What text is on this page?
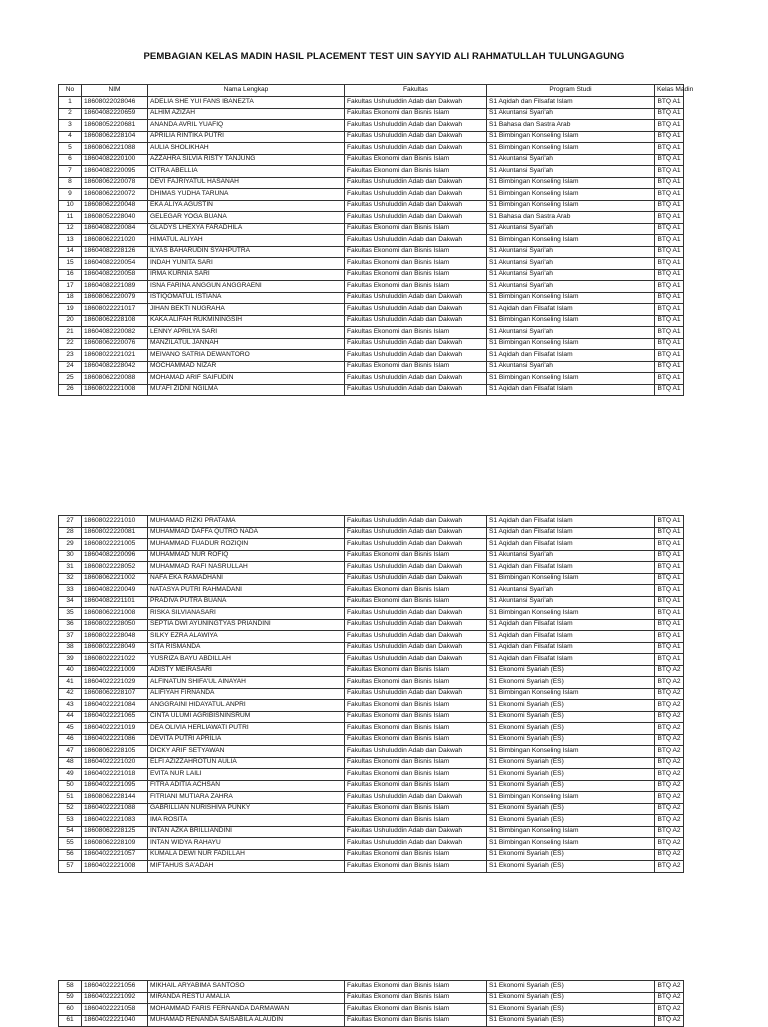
PEMBAGIAN KELAS MADIN HASIL PLACEMENT TEST UIN SAYYID ALI RAHMATULLAH TULUNGAGUNG
No	NIM	Nama Lengkap	Fakultas	Program Studi	Kelas Madin
1	18608022028046	ADELIA SHE YUI FANS IBANEZTA	Fakultas Ushuluddin Adab dan Dakwah	S1 Aqidah dan Filsafat Islam	BTQ A1
2	18604082220659	ALHIM AZIZAH	Fakultas Ekonomi dan Bisnis Islam	S1 Akuntansi Syari'ah	BTQ A1
3	18608052220681	ANANDA AVRIL YUAFIQ	Fakultas Ushuluddin Adab dan Dakwah	S1 Bahasa dan Sastra Arab	BTQ A1
4	18608062228104	APRILIA RINTIKA PUTRI	Fakultas Ushuluddin Adab dan Dakwah	S1 Bimbingan Konseling Islam	BTQ A1
5	18608062221088	AULIA SHOLIKHAH	Fakultas Ushuluddin Adab dan Dakwah	S1 Bimbingan Konseling Islam	BTQ A1
6	18604082220100	AZZAHRA SILVIA RISTY TANJUNG	Fakultas Ekonomi dan Bisnis Islam	S1 Akuntansi Syari'ah	BTQ A1
7	18604082220095	CITRA ABELLIA	Fakultas Ekonomi dan Bisnis Islam	S1 Akuntansi Syari'ah	BTQ A1
8	18608062220078	DEVI FAJRIYATUL HASANAH	Fakultas Ushuluddin Adab dan Dakwah	S1 Bimbingan Konseling Islam	BTQ A1
9	18608062220072	DHIMAS YUDHA TARUNA	Fakultas Ushuluddin Adab dan Dakwah	S1 Bimbingan Konseling Islam	BTQ A1
10	18608062220048	EKA ALIYA AGUSTIN	Fakultas Ushuluddin Adab dan Dakwah	S1 Bimbingan Konseling Islam	BTQ A1
11	18608052228040	GELEGAR YOGA BUANA	Fakultas Ushuluddin Adab dan Dakwah	S1 Bahasa dan Sastra Arab	BTQ A1
12	18604082220084	GLADYS LHEXYA FARADHILA	Fakultas Ekonomi dan Bisnis Islam	S1 Akuntansi Syari'ah	BTQ A1
13	18608062221020	HIMATUL ALIYAH	Fakultas Ushuluddin Adab dan Dakwah	S1 Bimbingan Konseling Islam	BTQ A1
14	18604082228126	ILYAS BAHARUDIN SYAHPUTRA	Fakultas Ekonomi dan Bisnis Islam	S1 Akuntansi Syari'ah	BTQ A1
15	18604082220054	INDAH YUNITA SARI	Fakultas Ekonomi dan Bisnis Islam	S1 Akuntansi Syari'ah	BTQ A1
16	18604082220058	IRMA KURNIA SARI	Fakultas Ekonomi dan Bisnis Islam	S1 Akuntansi Syari'ah	BTQ A1
17	18604082221089	ISNA FARINA ANGGUN ANGGRAENI	Fakultas Ekonomi dan Bisnis Islam	S1 Akuntansi Syari'ah	BTQ A1
18	18608062220079	ISTIQOMATUL ISTIANA	Fakultas Ushuluddin Adab dan Dakwah	S1 Bimbingan Konseling Islam	BTQ A1
19	18608022221017	JIHAN BEKTI NUGRAHA	Fakultas Ushuluddin Adab dan Dakwah	S1 Aqidah dan Filsafat Islam	BTQ A1
20	18608062228108	KAKA ALIFAH RUKMININGSIH	Fakultas Ushuluddin Adab dan Dakwah	S1 Bimbingan Konseling Islam	BTQ A1
21	18604082220082	LENNY APRILYA SARI	Fakultas Ekonomi dan Bisnis Islam	S1 Akuntansi Syari'ah	BTQ A1
22	18608062220076	MANZILATUL JANNAH	Fakultas Ushuluddin Adab dan Dakwah	S1 Bimbingan Konseling Islam	BTQ A1
23	18608022221021	MEIVANO SATRIA DEWANTORO	Fakultas Ushuluddin Adab dan Dakwah	S1 Aqidah dan Filsafat Islam	BTQ A1
24	18604082228042	MOCHAMMAD NIZAR	Fakultas Ekonomi dan Bisnis Islam	S1 Akuntansi Syari'ah	BTQ A1
25	18608062220088	MOHAMAD ARIF SAIFUDIN	Fakultas Ushuluddin Adab dan Dakwah	S1 Bimbingan Konseling Islam	BTQ A1
26	18608022221008	MU'AFI ZIDNI NGILMA	Fakultas Ushuluddin Adab dan Dakwah	S1 Aqidah dan Filsafat Islam	BTQ A1
27	18608022221010	MUHAMAD RIZKI PRATAMA	Fakultas Ushuluddin Adab dan Dakwah	S1 Aqidah dan Filsafat Islam	BTQ A1
28	18608022220081	MUHAMMAD DAFFA QUTRO NADA	Fakultas Ushuluddin Adab dan Dakwah	S1 Aqidah dan Filsafat Islam	BTQ A1
29	18608022221005	MUHAMMAD FUADUR ROZIQIN	Fakultas Ushuluddin Adab dan Dakwah	S1 Aqidah dan Filsafat Islam	BTQ A1
30	18604082220096	MUHAMMAD NUR ROFIQ	Fakultas Ekonomi dan Bisnis Islam	S1 Akuntansi Syari'ah	BTQ A1
31	18608022228052	MUHAMMAD RAFI NASRULLAH	Fakultas Ushuluddin Adab dan Dakwah	S1 Aqidah dan Filsafat Islam	BTQ A1
32	18608062221002	NAFA EKA RAMADHANI	Fakultas Ushuluddin Adab dan Dakwah	S1 Bimbingan Konseling Islam	BTQ A1
33	18604082220049	NATASYA PUTRI RAHMADANI	Fakultas Ekonomi dan Bisnis Islam	S1 Akuntansi Syari'ah	BTQ A1
34	18604082221101	PRADIVA PUTRA BUANA	Fakultas Ekonomi dan Bisnis Islam	S1 Akuntansi Syari'ah	BTQ A1
35	18608062221008	RISKA SILVIANASARI	Fakultas Ushuluddin Adab dan Dakwah	S1 Bimbingan Konseling Islam	BTQ A1
36	18608022228050	SEPTIA DWI AYUNINGTYAS PRIANDINI	Fakultas Ushuluddin Adab dan Dakwah	S1 Aqidah dan Filsafat Islam	BTQ A1
37	18608022228048	SILKY EZRA ALAWIYA	Fakultas Ushuluddin Adab dan Dakwah	S1 Aqidah dan Filsafat Islam	BTQ A1
38	18608022228049	SITA RISMANDA	Fakultas Ushuluddin Adab dan Dakwah	S1 Aqidah dan Filsafat Islam	BTQ A1
39	18608022221022	YUSRIZA BAYU ABDILLAH	Fakultas Ushuluddin Adab dan Dakwah	S1 Aqidah dan Filsafat Islam	BTQ A1
40	18604022221009	ADISTY MEIRASARI	Fakultas Ekonomi dan Bisnis Islam	S1 Ekonomi Syariah (ES)	BTQ A2
41	18604022221029	ALFINATUN SHIFA'UL AINAYAH	Fakultas Ekonomi dan Bisnis Islam	S1 Ekonomi Syariah (ES)	BTQ A2
42	18608062228107	ALIFIYAH FIRNANDA	Fakultas Ushuluddin Adab dan Dakwah	S1 Bimbingan Konseling Islam	BTQ A2
43	18604022221084	ANGGRAINI HIDAYATUL ANPRI	Fakultas Ekonomi dan Bisnis Islam	S1 Ekonomi Syariah (ES)	BTQ A2
44	18604022221065	CINTA ULUMI AGRIBISNINSRUM	Fakultas Ekonomi dan Bisnis Islam	S1 Ekonomi Syariah (ES)	BTQ A2
45	18604022221019	DEA OLIVIA HERLIAWATI PUTRI	Fakultas Ekonomi dan Bisnis Islam	S1 Ekonomi Syariah (ES)	BTQ A2
46	18604022221086	DEVITA PUTRI APRILIA	Fakultas Ekonomi dan Bisnis Islam	S1 Ekonomi Syariah (ES)	BTQ A2
47	18608062228105	DICKY ARIF SETYAWAN	Fakultas Ushuluddin Adab dan Dakwah	S1 Bimbingan Konseling Islam	BTQ A2
48	18604022221020	ELFI AZIZZAHROTUN AULIA	Fakultas Ekonomi dan Bisnis Islam	S1 Ekonomi Syariah (ES)	BTQ A2
49	18604022221018	EVITA NUR LAILI	Fakultas Ekonomi dan Bisnis Islam	S1 Ekonomi Syariah (ES)	BTQ A2
50	18604022221095	FITRA ADITIA ACHSAN	Fakultas Ekonomi dan Bisnis Islam	S1 Ekonomi Syariah (ES)	BTQ A2
51	18608062228144	FITRIANI MUTIARA ZAHRA	Fakultas Ushuluddin Adab dan Dakwah	S1 Bimbingan Konseling Islam	BTQ A2
52	18604022221088	GABRILLIAN NURISHIVA PUNKY	Fakultas Ekonomi dan Bisnis Islam	S1 Ekonomi Syariah (ES)	BTQ A2
53	18604022221083	IMA ROSITA	Fakultas Ekonomi dan Bisnis Islam	S1 Ekonomi Syariah (ES)	BTQ A2
54	18608062228125	INTAN AZKA BRILLIANDINI	Fakultas Ushuluddin Adab dan Dakwah	S1 Bimbingan Konseling Islam	BTQ A2
55	18608062228109	INTAN WIDYA RAHAYU	Fakultas Ushuluddin Adab dan Dakwah	S1 Bimbingan Konseling Islam	BTQ A2
56	18604022221057	KUMALA DEWI NUR FADILLAH	Fakultas Ekonomi dan Bisnis Islam	S1 Ekonomi Syariah (ES)	BTQ A2
57	18604022221008	MIFTAHUS SA'ADAH	Fakultas Ekonomi dan Bisnis Islam	S1 Ekonomi Syariah (ES)	BTQ A2
58	18604022221056	MIKHAIL ARYABIMA SANTOSO	Fakultas Ekonomi dan Bisnis Islam	S1 Ekonomi Syariah (ES)	BTQ A2
59	18604022221092	MIRANDA RESTU AMALIA	Fakultas Ekonomi dan Bisnis Islam	S1 Ekonomi Syariah (ES)	BTQ A2
60	18604022221058	MOHAMMAD FARIS FERNANDA DARMAWAN	Fakultas Ekonomi dan Bisnis Islam	S1 Ekonomi Syariah (ES)	BTQ A2
61	18604022221040	MUHAMAD RENANDA SAISABILA ALAUDIN	Fakultas Ekonomi dan Bisnis Islam	S1 Ekonomi Syariah (ES)	BTQ A2
